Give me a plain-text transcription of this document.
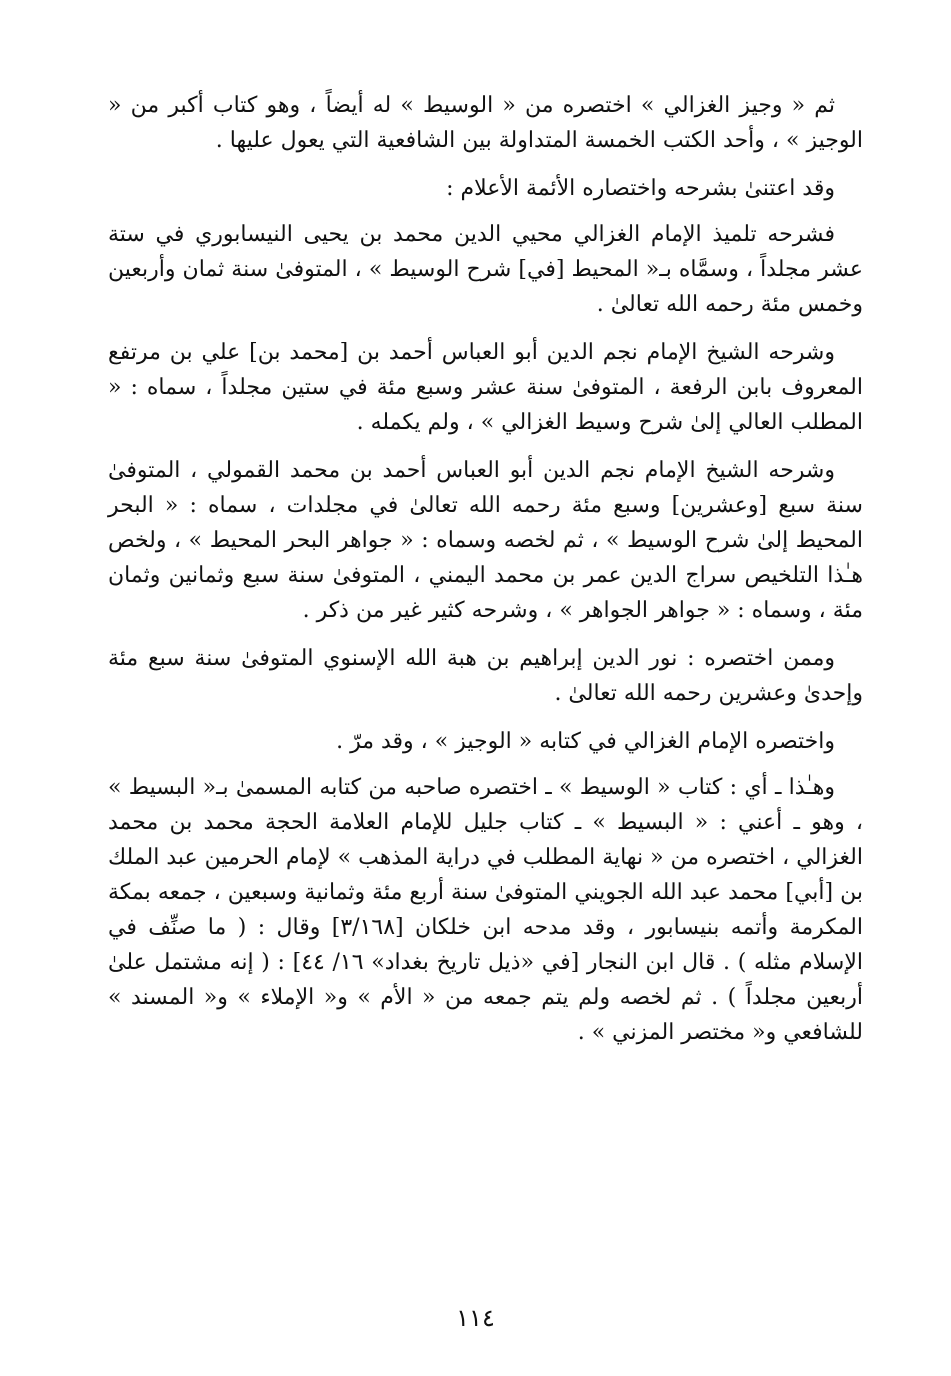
ثم « وجيز الغزالي » اختصره من « الوسيط » له أيضاً ، وهو كتاب أكبر من « الوجيز » ، وأحد الكتب الخمسة المتداولة بين الشافعية التي يعول عليها .

وقد اعتنىٰ بشرحه واختصاره الأئمة الأعلام :

فشرحه تلميذ الإمام الغزالي محيي الدين محمد بن يحيى النيسابوري في ستة عشر مجلداً ، وسمَّاه بـ« المحيط [في] شرح الوسيط » ، المتوفىٰ سنة ثمان وأربعين وخمس مئة رحمه الله تعالىٰ .

وشرحه الشيخ الإمام نجم الدين أبو العباس أحمد بن [محمد بن] علي بن مرتفع المعروف بابن الرفعة ، المتوفىٰ سنة عشر وسبع مئة في ستين مجلداً ، سماه : « المطلب العالي إلىٰ شرح وسيط الغزالي » ، ولم يكمله .

وشرحه الشيخ الإمام نجم الدين أبو العباس أحمد بن محمد القمولي ، المتوفىٰ سنة سبع [وعشرين] وسبع مئة رحمه الله تعالىٰ في مجلدات ، سماه : « البحر المحيط إلىٰ شرح الوسيط » ، ثم لخصه وسماه : « جواهر البحر المحيط » ، ولخص هـٰذا التلخيص سراج الدين عمر بن محمد اليمني ، المتوفىٰ سنة سبع وثمانين وثمان مئة ، وسماه : « جواهر الجواهر » ، وشرحه كثير غير من ذكر .

وممن اختصره : نور الدين إبراهيم بن هبة الله الإسنوي المتوفىٰ سنة سبع مئة وإحدىٰ وعشرين رحمه الله تعالىٰ .

واختصره الإمام الغزالي في كتابه « الوجيز » ، وقد مرّ .

وهـٰذا ـ أي : كتاب « الوسيط » ـ اختصره صاحبه من كتابه المسمىٰ بـ« البسيط » ، وهو ـ أعني : « البسيط » ـ كتاب جليل للإمام العلامة الحجة محمد بن محمد الغزالي ، اختصره من « نهاية المطلب في دراية المذهب » لإمام الحرمين عبد الملك بن [أبي] محمد عبد الله الجويني المتوفىٰ سنة أربع مئة وثمانية وسبعين ، جمعه بمكة المكرمة وأتمه بنيسابور ، وقد مدحه ابن خلكان [٣/١٦٨] وقال : ( ما صنِّف في الإسلام مثله ) . قال ابن النجار [في «ذيل تاريخ بغداد» ١٦/ ٤٤] : ( إنه مشتمل علىٰ أربعين مجلداً ) . ثم لخصه ولم يتم جمعه من « الأم » و« الإملاء » و« المسند » للشافعي و« مختصر المزني » .

١١٤
